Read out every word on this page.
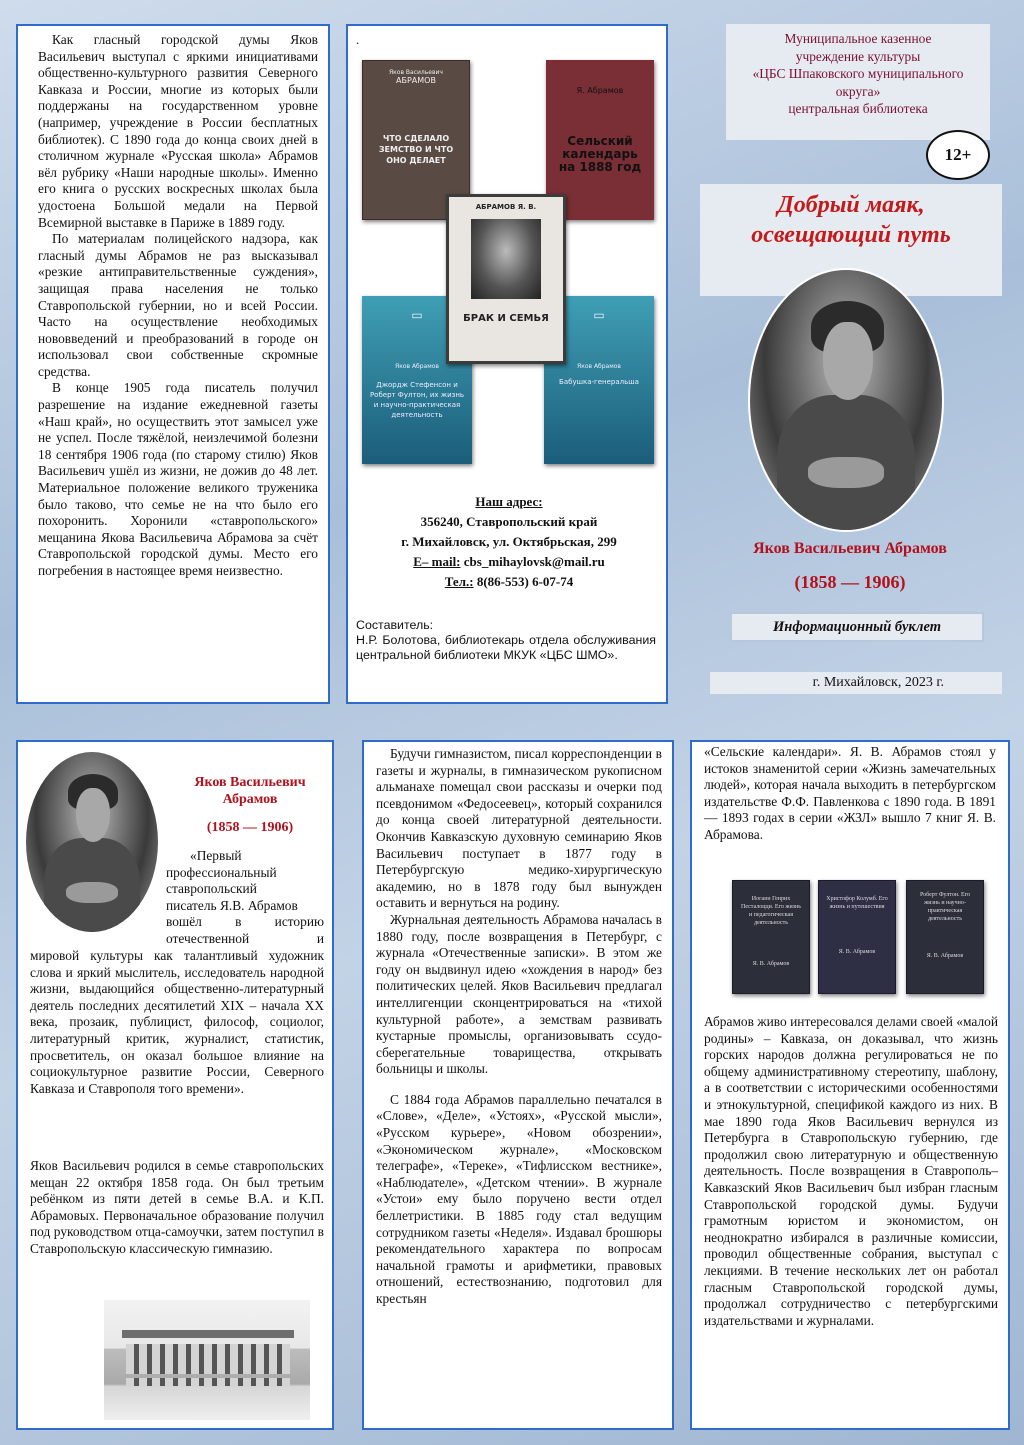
Как гласный городской думы Яков Васильевич выступал с яркими инициативами общественно-культурного развития Северного Кавказа и России, многие из которых были поддержаны на государственном уровне (например, учреждение в России бесплатных библиотек). С 1890 года до конца своих дней в столичном журнале «Русская школа» Абрамов вёл рубрику «Наши народные школы». Именно его книга о русских воскресных школах была удостоена Большой медали на Первой Всемирной выставке в Париже в 1889 году.

По материалам полицейского надзора, как гласный думы Абрамов не раз высказывал «резкие антиправительственные суждения», защищая права населения не только Ставропольской губернии, но и всей России. Часто на осуществление необходимых нововведений и преобразований в городе он использовал свои собственные скромные средства.

В конце 1905 года писатель получил разрешение на издание ежедневной газеты «Наш край», но осуществить этот замысел уже не успел. После тяжёлой, неизлечимой болезни 18 сентября 1906 года (по старому стилю) Яков Васильевич ушёл из жизни, не дожив до 48 лет. Материальное положение великого труженика было таково, что семье не на что было его похоронить. Хоронили «ставропольского» мещанина Якова Васильевича Абрамова за счёт Ставропольской городской думы. Место его погребения в настоящее время неизвестно.

.
Яков Васильевич
АБРАМОВ
ЧТО СДЕЛАЛО ЗЕМСТВО И ЧТО ОНО ДЕЛАЕТ
Я. Абрамов
Сельский календарь на 1888 год
▭
Яков Абрамов
Джордж Стефенсон и Роберт Фултон, их жизнь и научно-практическая деятельность
▭
Яков Абрамов
Бабушка-генеральша
АБРАМОВ Я. В.
БРАК И СЕМЬЯ
Наш адрес:
356240, Ставропольский край
г. Михайловск, ул. Октябрьская, 299
E– mail: cbs_mihaylovsk@mail.ru
Тел.: 8(86-553) 6-07-74
Составитель:
Н.Р. Болотова, библиотекарь отдела обслуживания центральной библиотеки МКУК «ЦБС ШМО».
Муниципальное казенное
учреждение культуры
«ЦБС Шпаковского муниципального
округа»
центральная библиотека
12+
Добрый маяк,
освещающий путь
Яков Васильевич Абрамов
(1858 — 1906)
Информационный буклет
г. Михайловск, 2023 г.
Яков Васильевич
Абрамов
(1858 — 1906)
«Первый
профессиональный
ставропольский
писатель Я.В. Абрамов
вошёл в историю
отечественной и

мировой культуры как талантливый художник слова и яркий мыслитель, исследователь народной жизни, выдающийся общественно-литературный деятель последних десятилетий XIX – начала XX века, прозаик, публицист, философ, социолог, литературный критик, журналист, статистик, просветитель, он оказал большое влияние на социокультурное развитие России, Северного Кавказа и Ставрополя того времени».

Яков Васильевич родился в семье ставропольских мещан 22 октября 1858 года. Он был третьим ребёнком из пяти детей в семье В.А. и К.П. Абрамовых. Первоначальное образование получил под руководством отца-самоучки, затем поступил в Ставропольскую классическую гимназию.

Будучи гимназистом, писал корреспонденции в газеты и журналы, в гимназическом рукописном альманахе помещал свои рассказы и очерки под псевдонимом «Федосеевец», который сохранился до конца своей литературной деятельности. Окончив Кавказскую духовную семинарию Яков Васильевич поступает в 1877 году в Петербургскую медико-хирургическую академию, но в 1878 году был вынужден оставить и вернуться на родину.

Журнальная деятельность Абрамова началась в 1880 году, после возвращения в Петербург, с журнала «Отечественные записки». В этом же году он выдвинул идею «хождения в народ» без политических целей. Яков Васильевич предлагал интеллигенции сконцентрироваться на «тихой культурной работе», а земствам развивать кустарные промыслы, организовывать ссудо-сберегательные товарищества, открывать больницы и школы.

С 1884 года Абрамов параллельно печатался в «Слове», «Деле», «Устоях», «Русской мысли», «Русском курьере», «Новом обозрении», «Экономическом журнале», «Московском телеграфе», «Тереке», «Тифлисском вестнике», «Наблюдателе», «Детском чтении». В журнале «Устои» ему было поручено вести отдел беллетристики. В 1885 году стал ведущим сотрудником газеты «Неделя». Издавал брошюры рекомендательного характера по вопросам начальной грамоты и арифметики, правовых отношений, естествознанию, подготовил для крестьян

«Сельские календари». Я. В. Абрамов стоял у истоков знаменитой серии «Жизнь замечательных людей», которая начала выходить в петербургском издательстве Ф.Ф. Павленкова с 1890 года. В 1891 — 1893 годах в серии «ЖЗЛ» вышло 7 книг Я. В. Абрамова.

Иоганн Генрих Песталоцци. Его жизнь и педагогическая деятельность
Я. В. Абрамов
Христофор Колумб. Его жизнь и путешествия
Я. В. Абрамов
Роберт Фултон. Его жизнь и научно-практическая деятельность
Я. В. Абрамов

Абрамов живо интересовался делами своей «малой родины» – Кавказа, он доказывал, что жизнь горских народов должна регулироваться не по общему административному стереотипу, шаблону, а в соответствии с историческими особенностями и этнокультурной, спецификой каждого из них. В мае 1890 года Яков Васильевич вернулся из Петербурга в Ставропольскую губернию, где продолжил свою литературную и общественную деятельность. После возвращения в Ставрополь–Кавказский Яков Васильевич был избран гласным Ставропольской городской думы. Будучи грамотным юристом и экономистом, он неоднократно избирался в различные комиссии, проводил общественные собрания, выступал с лекциями. В течение нескольких лет он работал гласным Ставропольской городской думы, продолжал сотрудничество с петербургскими издательствами и журналами.
